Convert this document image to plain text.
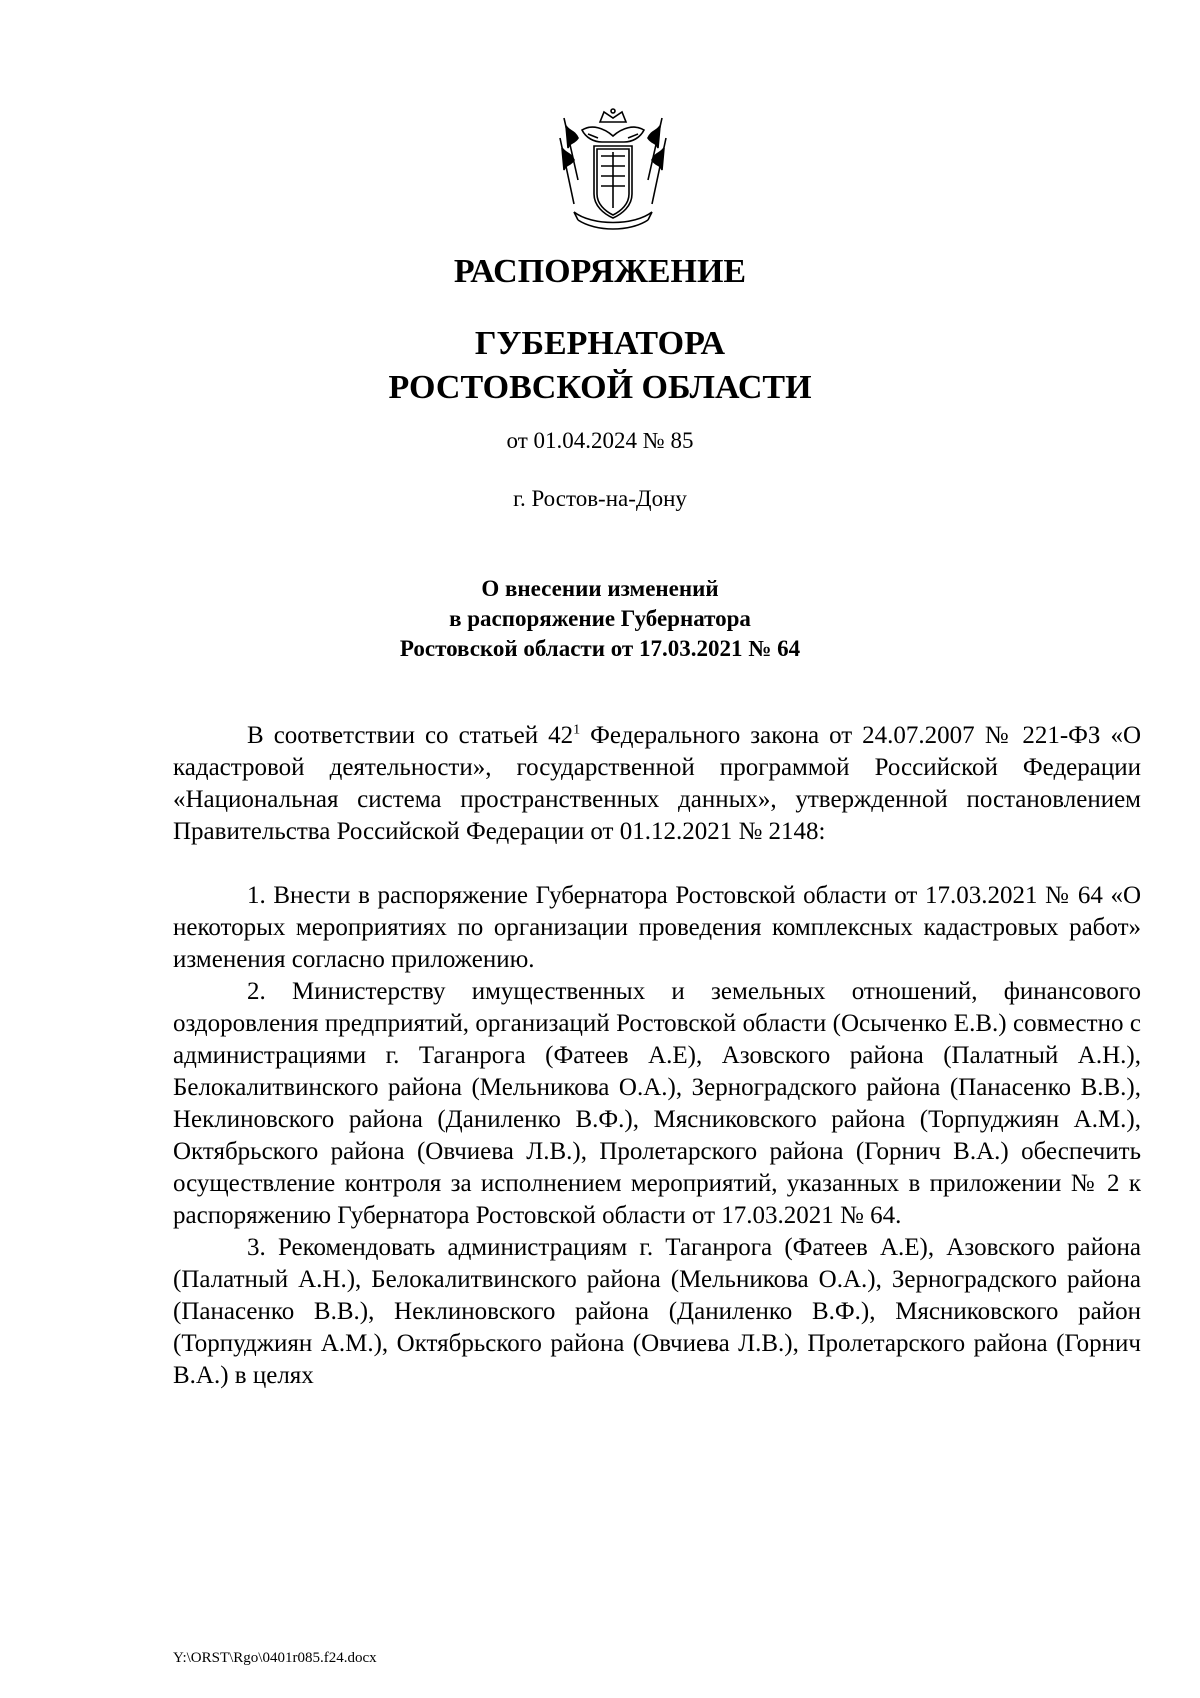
РАСПОРЯЖЕНИЕ
ГУБЕРНАТОРА
РОСТОВСКОЙ ОБЛАСТИ
от 01.04.2024 № 85
г. Ростов-на-Дону
О внесении изменений
в распоряжение Губернатора
Ростовской области от 17.03.2021 № 64

В соответствии со статьей $42^1$ Федерального закона от 24.07.2007 № 221-ФЗ «О кадастровой деятельности», государственной программой Российской Федерации «Национальная система пространственных данных», утвержденной постановлением Правительства Российской Федерации от 01.12.2021 № 2148:

1. Внести в распоряжение Губернатора Ростовской области от 17.03.2021 № 64 «О некоторых мероприятиях по организации проведения комплексных кадастровых работ» изменения согласно приложению.

2. Министерству имущественных и земельных отношений, финансового оздоровления предприятий, организаций Ростовской области (Осыченко Е.В.) совместно с администрациями г. Таганрога (Фатеев А.Е), Азовского района (Палатный А.Н.), Белокалитвинского района (Мельникова О.А.), Зерноградского района (Панасенко В.В.), Неклиновского района (Даниленко В.Ф.), Мясниковского района (Торпуджиян А.М.), Октябрьского района (Овчиева Л.В.), Пролетарского района (Горнич В.А.) обеспечить осуществление контроля за исполнением мероприятий, указанных в приложении № 2 к распоряжению Губернатора Ростовской области от 17.03.2021 № 64.

3. Рекомендовать администрациям г. Таганрога (Фатеев А.Е), Азовского района (Палатный А.Н.), Белокалитвинского района (Мельникова О.А.), Зерноградского района (Панасенко В.В.), Неклиновского района (Даниленко В.Ф.), Мясниковского район (Торпуджиян А.М.), Октябрьского района (Овчиева Л.В.), Пролетарского района (Горнич В.А.) в целях

Y:\ORST\Rgo\0401r085.f24.docx
